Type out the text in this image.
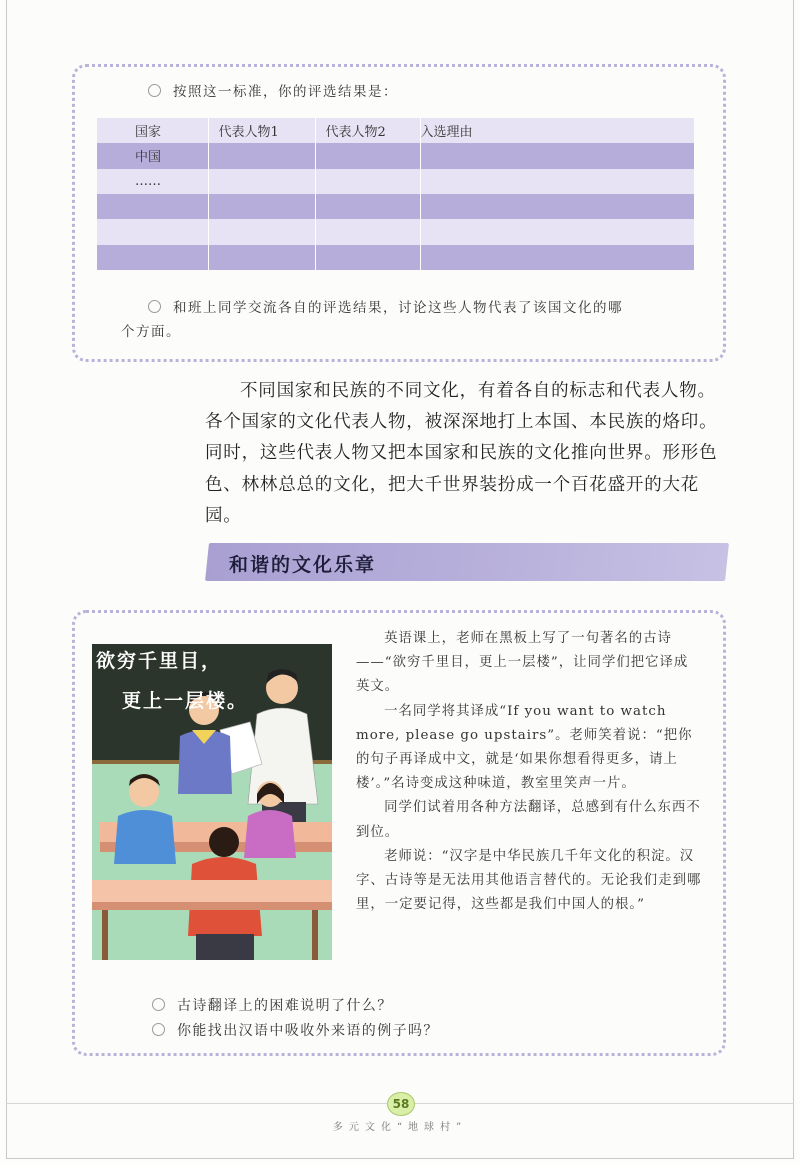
按照这一标准，你的评选结果是：
国家	代表人物1	代表人物2	入选理由
中国			
……			

和班上同学交流各自的评选结果，讨论这些人物代表了该国文化的哪
个方面。

不同国家和民族的不同文化，有着各自的标志和代表人物。各个国家的文化代表人物，被深深地打上本国、本民族的烙印。同时，这些代表人物又把本国家和民族的文化推向世界。形形色色、林林总总的文化，把大千世界装扮成一个百花盛开的大花园。

和谐的文化乐章
欲穷千里目，
更上一层楼。

英语课上，老师在黑板上写了一句著名的古诗——“欲穷千里目，更上一层楼”，让同学们把它译成英文。

一名同学将其译成“If you want to watch more, please go upstairs”。老师笑着说：“把你的句子再译成中文，就是‘如果你想看得更多，请上楼’。”名诗变成这种味道，教室里笑声一片。

同学们试着用各种方法翻译，总感到有什么东西不到位。

老师说：“汉字是中华民族几千年文化的积淀。汉字、古诗等是无法用其他语言替代的。无论我们走到哪里，一定要记得，这些都是我们中国人的根。”

古诗翻译上的困难说明了什么？
你能找出汉语中吸收外来语的例子吗？
58
多元文化“地球村”
